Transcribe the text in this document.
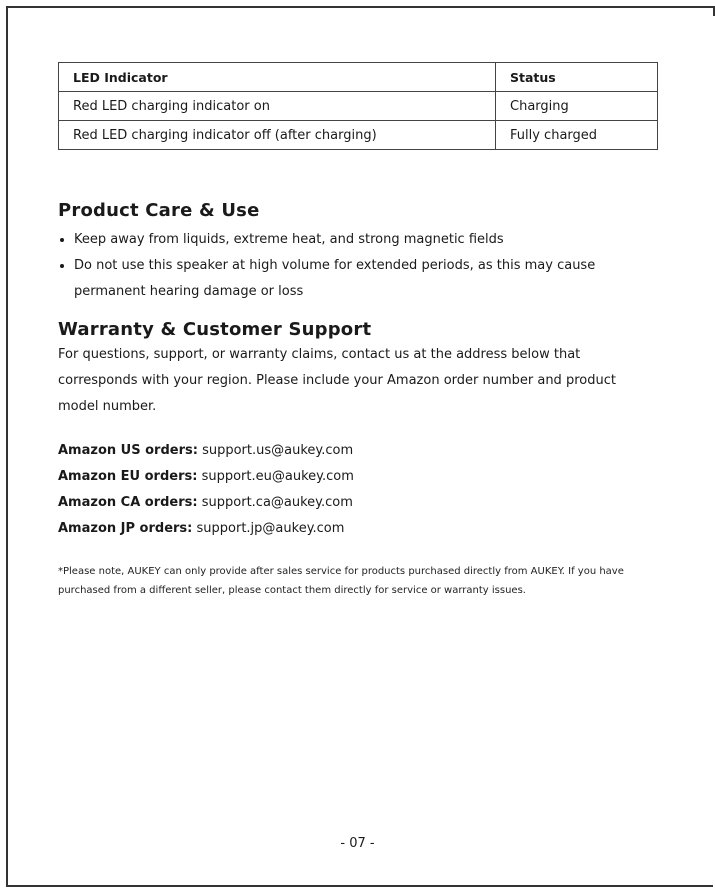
LED Indicator	Status
Red LED charging indicator on	Charging
Red LED charging indicator off (after charging)	Fully charged
Product Care & Use
Keep away from liquids, extreme heat, and strong magnetic fields
Do not use this speaker at high volume for extended periods, as this may cause permanent hearing damage or loss
Warranty & Customer Support

For questions, support, or warranty claims, contact us at the address below that corresponds with your region. Please include your Amazon order number and product model number.

Amazon US orders: support.us@aukey.com
Amazon EU orders: support.eu@aukey.com
Amazon CA orders: support.ca@aukey.com
Amazon JP orders: support.jp@aukey.com

*Please note, AUKEY can only provide after sales service for products purchased directly from AUKEY. If you have purchased from a different seller, please contact them directly for service or warranty issues.

- 07 -
